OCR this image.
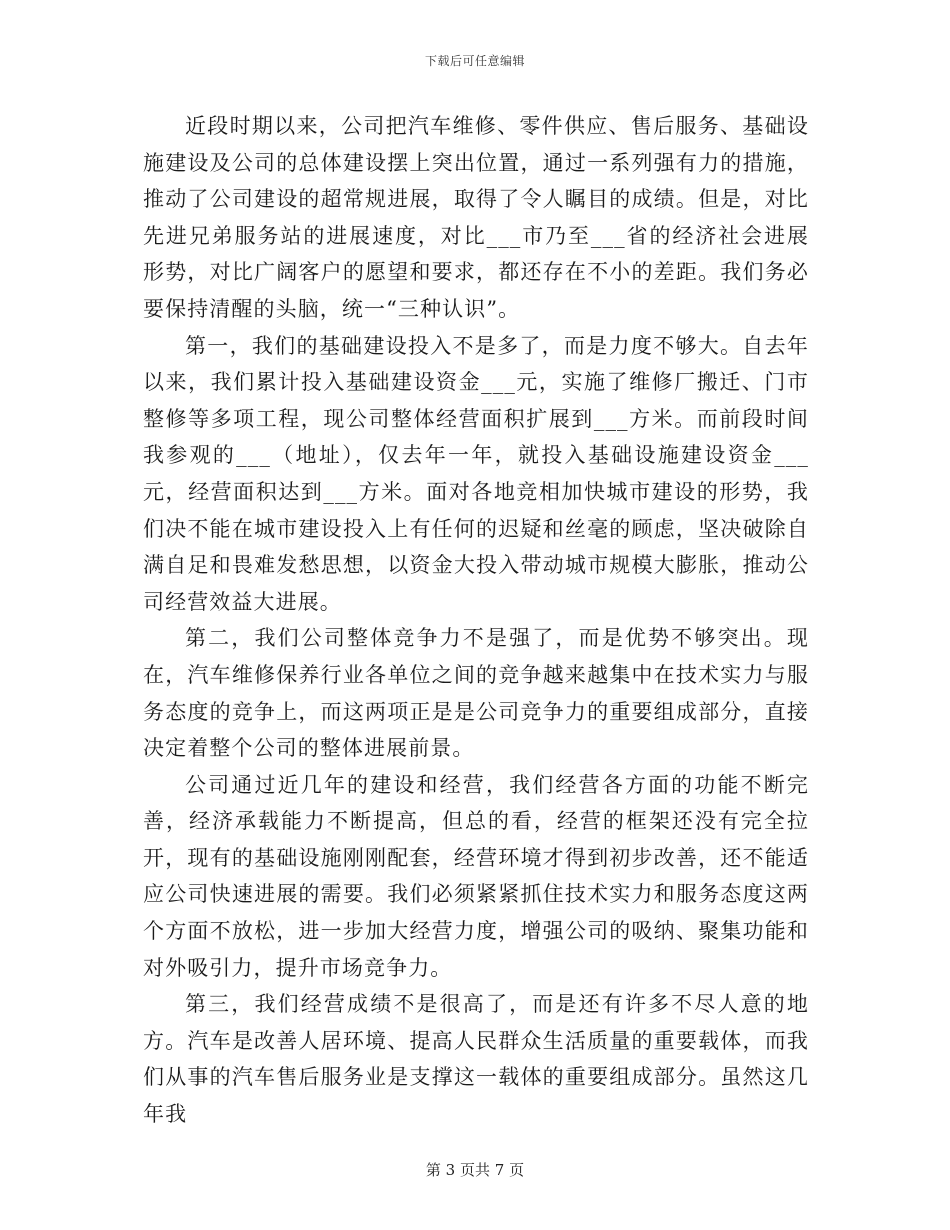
下载后可任意编辑

近段时期以来，公司把汽车维修、零件供应、售后服务、基础设施建设及公司的总体建设摆上突出位置，通过一系列强有力的措施，推动了公司建设的超常规进展，取得了令人瞩目的成绩。但是，对比先进兄弟服务站的进展速度，对比___市乃至___省的经济社会进展形势，对比广阔客户的愿望和要求，都还存在不小的差距。我们务必要保持清醒的头脑，统一“三种认识”。

第一，我们的基础建设投入不是多了，而是力度不够大。自去年以来，我们累计投入基础建设资金___元，实施了维修厂搬迁、门市整修等多项工程，现公司整体经营面积扩展到___方米。而前段时间我参观的___（地址），仅去年一年，就投入基础设施建设资金___元，经营面积达到___方米。面对各地竞相加快城市建设的形势，我们决不能在城市建设投入上有任何的迟疑和丝毫的顾虑，坚决破除自满自足和畏难发愁思想，以资金大投入带动城市规模大膨胀，推动公司经营效益大进展。

第二，我们公司整体竞争力不是强了，而是优势不够突出。现在，汽车维修保养行业各单位之间的竞争越来越集中在技术实力与服务态度的竞争上，而这两项正是是公司竞争力的重要组成部分，直接决定着整个公司的整体进展前景。

公司通过近几年的建设和经营，我们经营各方面的功能不断完善，经济承载能力不断提高，但总的看，经营的框架还没有完全拉开，现有的基础设施刚刚配套，经营环境才得到初步改善，还不能适应公司快速进展的需要。我们必须紧紧抓住技术实力和服务态度这两个方面不放松，进一步加大经营力度，增强公司的吸纳、聚集功能和对外吸引力，提升市场竞争力。

第三，我们经营成绩不是很高了，而是还有许多不尽人意的地方。汽车是改善人居环境、提高人民群众生活质量的重要载体，而我们从事的汽车售后服务业是支撑这一载体的重要组成部分。虽然这几年我

第 3 页共 7 页
